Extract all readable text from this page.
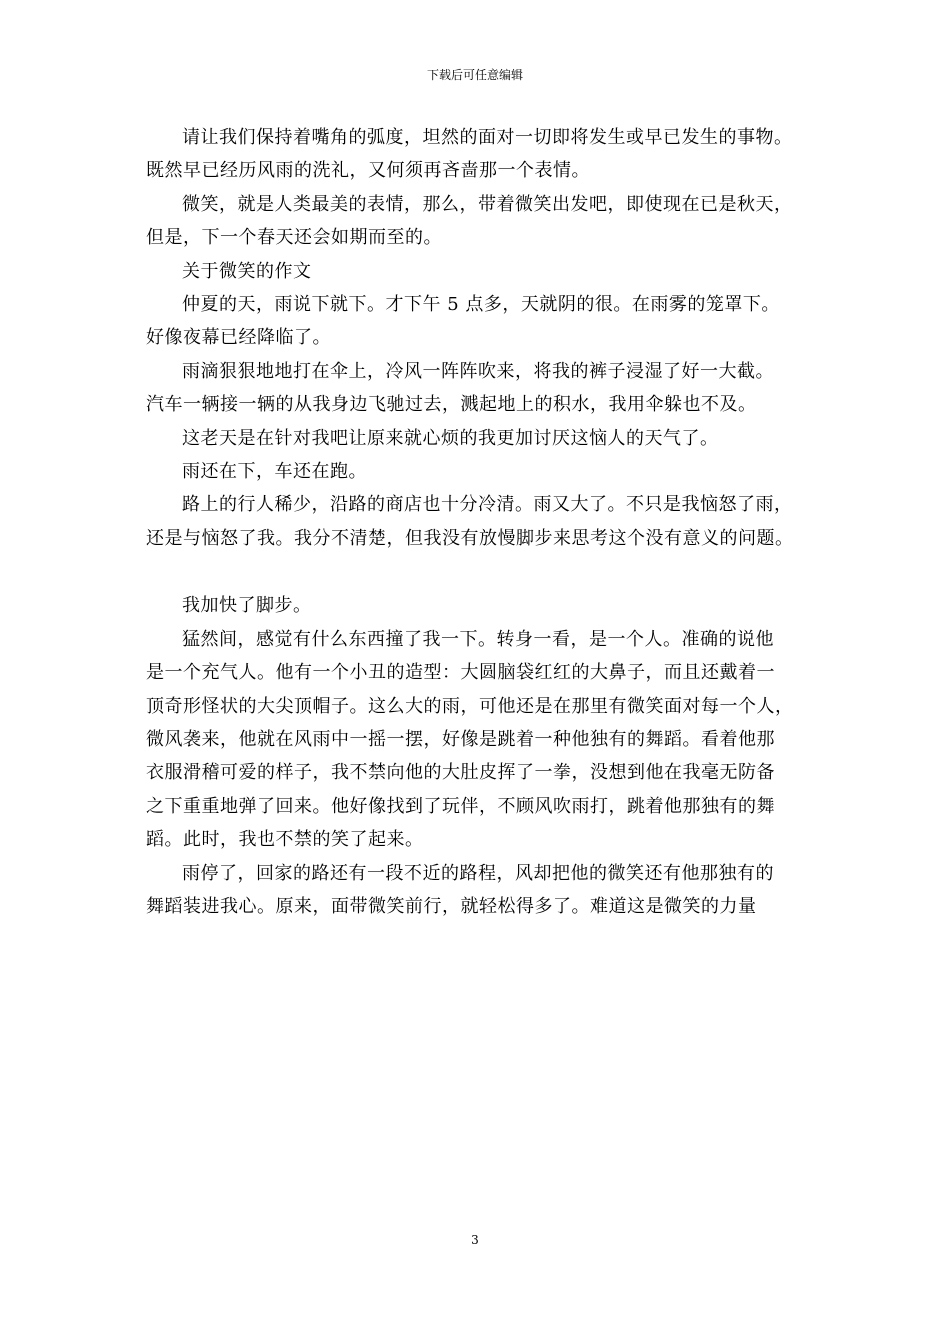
下载后可任意编辑

请让我们保持着嘴角的弧度，坦然的面对一切即将发生或早已发生的事物。
既然早已经历风雨的洗礼，又何须再吝啬那一个表情。

微笑，就是人类最美的表情，那么，带着微笑出发吧，即使现在已是秋天，
但是，下一个春天还会如期而至的。

关于微笑的作文

仲夏的天，雨说下就下。才下午 5 点多，天就阴的很。在雨雾的笼罩下。
好像夜幕已经降临了。

雨滴狠狠地地打在伞上，冷风一阵阵吹来，将我的裤子浸湿了好一大截。
汽车一辆接一辆的从我身边飞驰过去，溅起地上的积水，我用伞躲也不及。

这老天是在针对我吧让原来就心烦的我更加讨厌这恼人的天气了。

雨还在下，车还在跑。

路上的行人稀少，沿路的商店也十分冷清。雨又大了。不只是我恼怒了雨，
还是与恼怒了我。我分不清楚，但我没有放慢脚步来思考这个没有意义的问题。

我加快了脚步。

猛然间，感觉有什么东西撞了我一下。转身一看，是一个人。准确的说他
是一个充气人。他有一个小丑的造型：大圆脑袋红红的大鼻子，而且还戴着一
顶奇形怪状的大尖顶帽子。这么大的雨，可他还是在那里有微笑面对每一个人，
微风袭来，他就在风雨中一摇一摆，好像是跳着一种他独有的舞蹈。看着他那
衣服滑稽可爱的样子，我不禁向他的大肚皮挥了一拳，没想到他在我毫无防备
之下重重地弹了回来。他好像找到了玩伴，不顾风吹雨打，跳着他那独有的舞
蹈。此时，我也不禁的笑了起来。

雨停了，回家的路还有一段不近的路程，风却把他的微笑还有他那独有的
舞蹈装进我心。原来，面带微笑前行，就轻松得多了。难道这是微笑的力量

3
